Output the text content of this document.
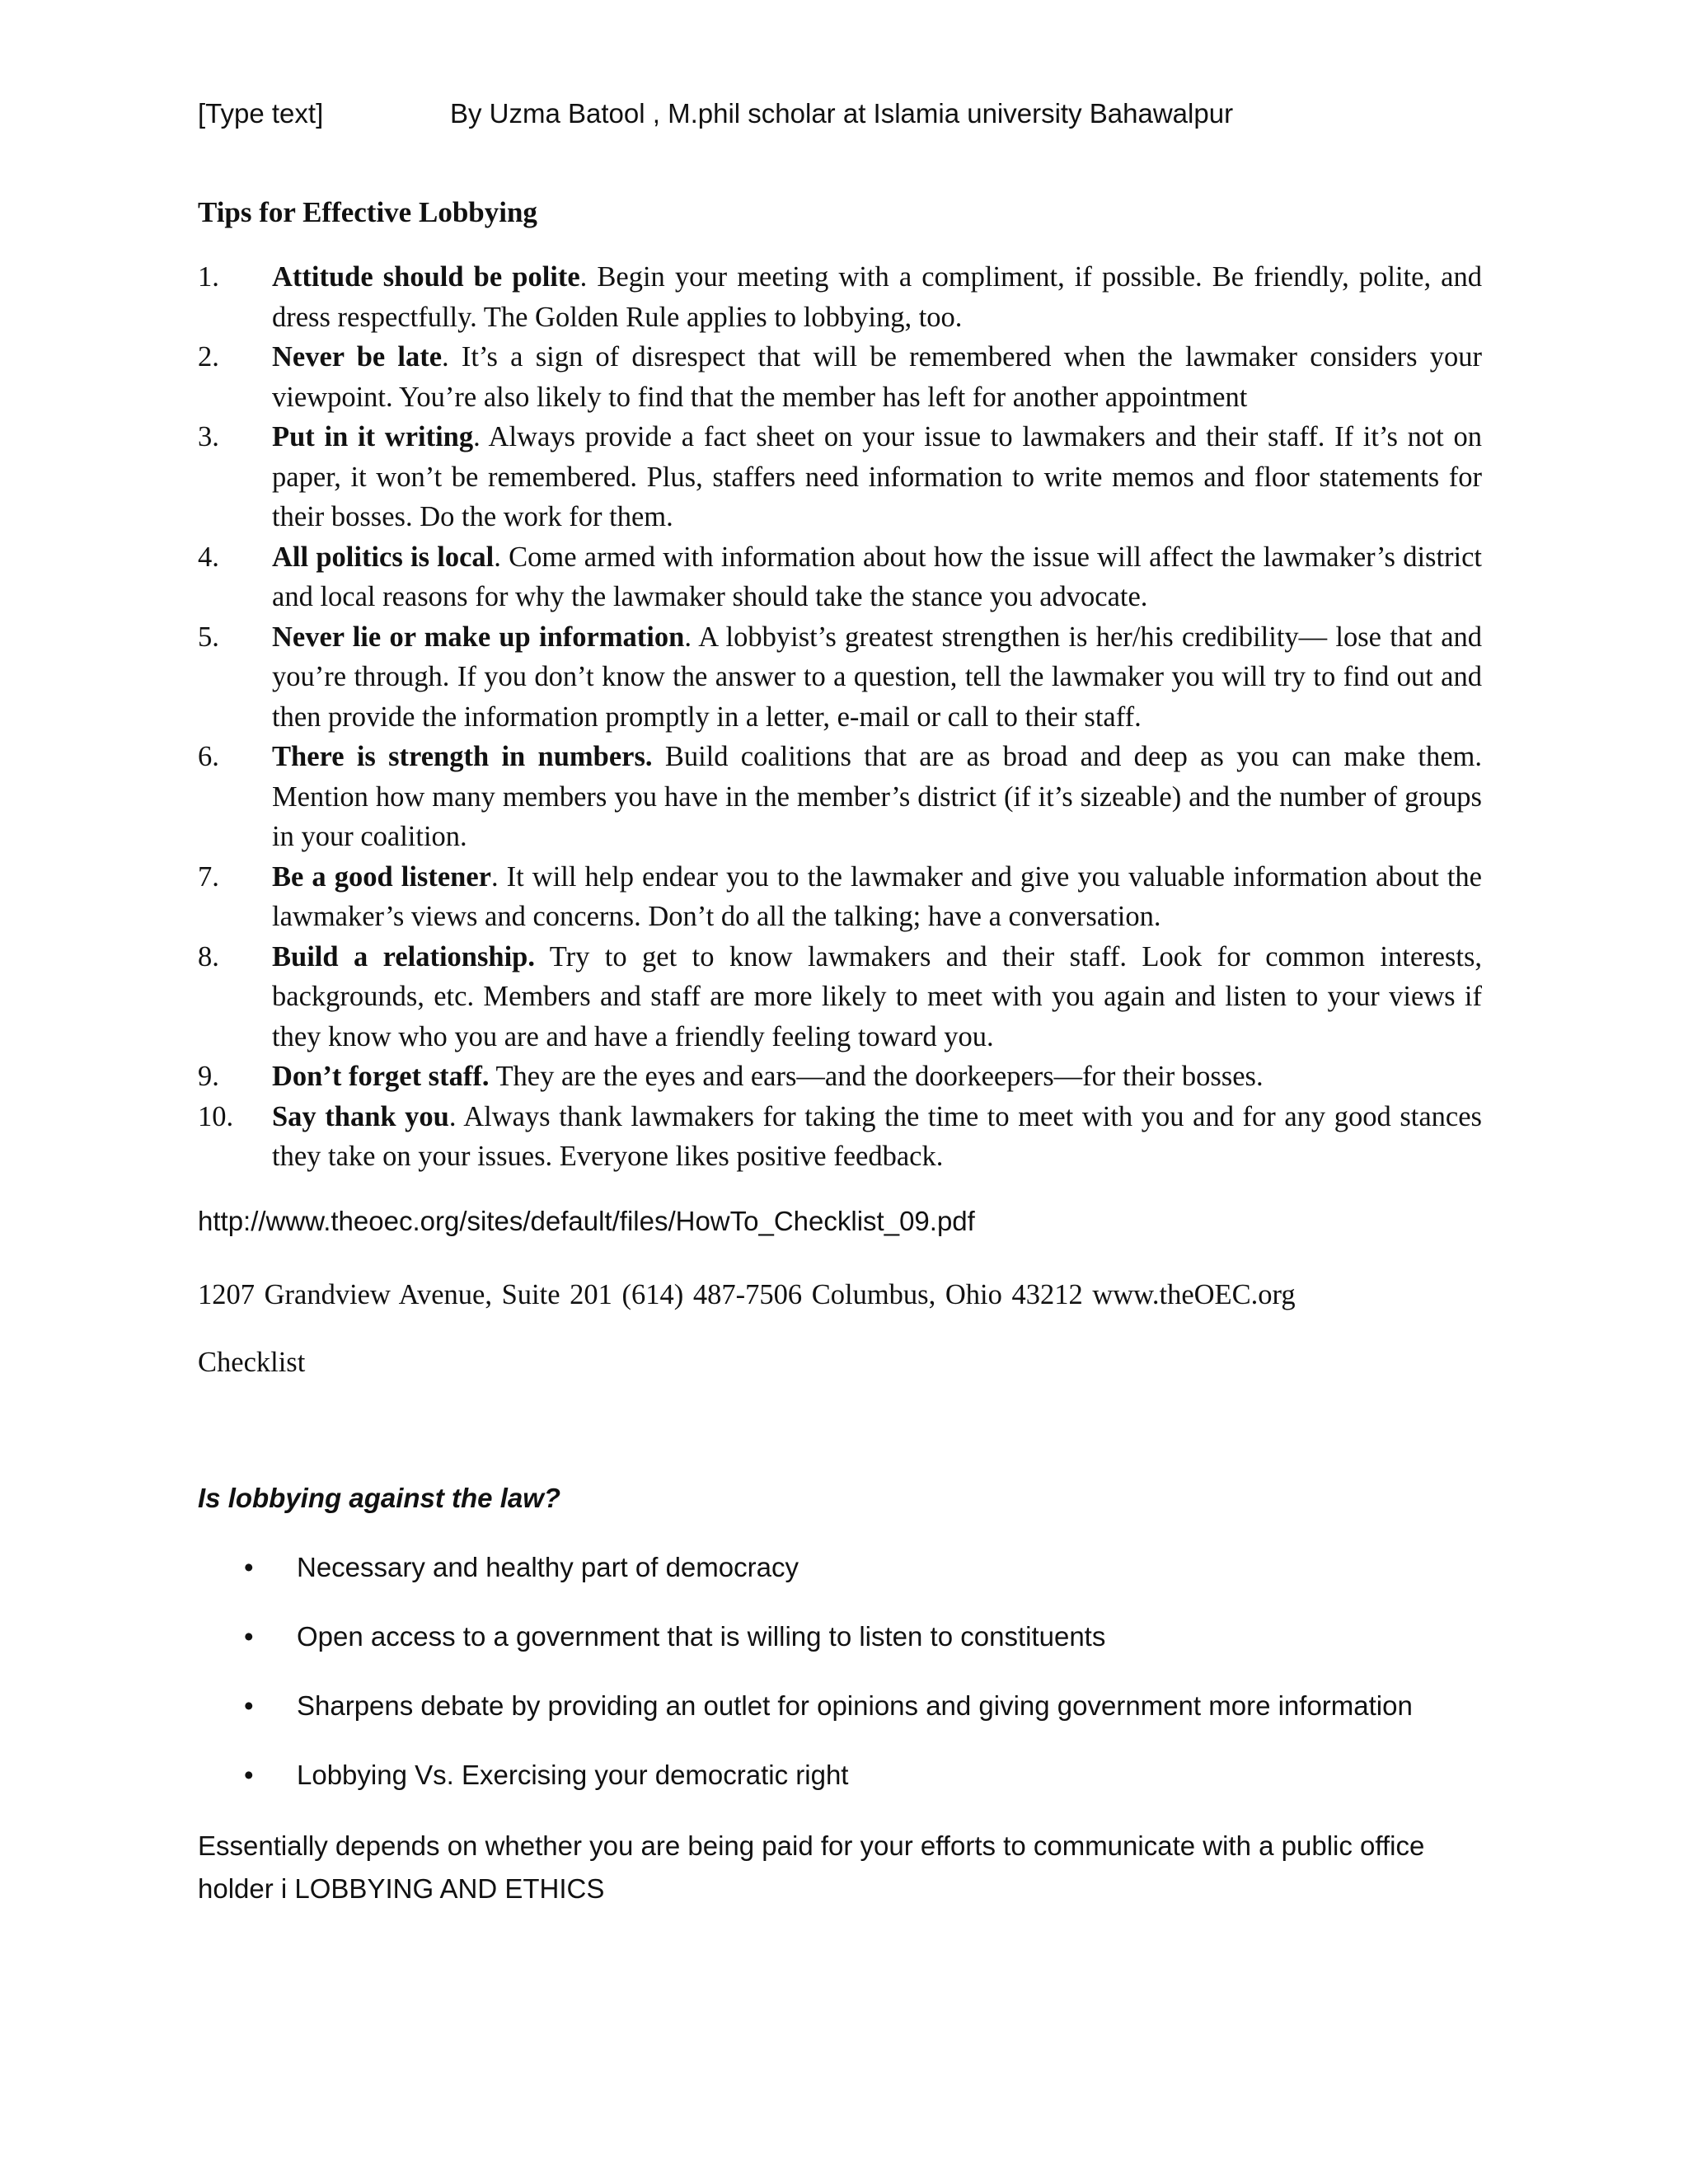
[Type text]	By Uzma Batool , M.phil scholar at Islamia university Bahawalpur
Tips for Effective Lobbying
1. Attitude should be polite. Begin your meeting with a compliment, if possible. Be friendly, polite, and dress respectfully. The Golden Rule applies to lobbying, too.
2. Never be late. It’s a sign of disrespect that will be remembered when the lawmaker considers your viewpoint. You’re also likely to find that the member has left for another appointment
3. Put in it writing. Always provide a fact sheet on your issue to lawmakers and their staff. If it’s not on paper, it won’t be remembered. Plus, staffers need information to write memos and floor statements for their bosses. Do the work for them.
4. All politics is local. Come armed with information about how the issue will affect the lawmaker’s district and local reasons for why the lawmaker should take the stance you advocate.
5. Never lie or make up information. A lobbyist’s greatest strengthen is her/his credibility— lose that and you’re through. If you don’t know the answer to a question, tell the lawmaker you will try to find out and then provide the information promptly in a letter, e-mail or call to their staff.
6. There is strength in numbers. Build coalitions that are as broad and deep as you can make them. Mention how many members you have in the member’s district (if it’s sizeable) and the number of groups in your coalition.
7. Be a good listener. It will help endear you to the lawmaker and give you valuable information about the lawmaker’s views and concerns. Don’t do all the talking; have a conversation.
8. Build a relationship. Try to get to know lawmakers and their staff. Look for common interests, backgrounds, etc. Members and staff are more likely to meet with you again and listen to your views if they know who you are and have a friendly feeling toward you.
9. Don’t forget staff. They are the eyes and ears—and the doorkeepers—for their bosses.
10. Say thank you. Always thank lawmakers for taking the time to meet with you and for any good stances they take on your issues. Everyone likes positive feedback.
http://www.theoec.org/sites/default/files/HowTo_Checklist_09.pdf
1207 Grandview Avenue, Suite 201 (614) 487-7506 Columbus, Ohio 43212 www.theOEC.org
Checklist
Is lobbying against the law?
• Necessary and healthy part of democracy
• Open access to a government that is willing to listen to constituents
• Sharpens debate by providing an outlet for opinions and giving government more information
• Lobbying Vs. Exercising your democratic right
Essentially depends on whether you are being paid for your efforts to communicate with a public office holder i LOBBYING AND ETHICS
